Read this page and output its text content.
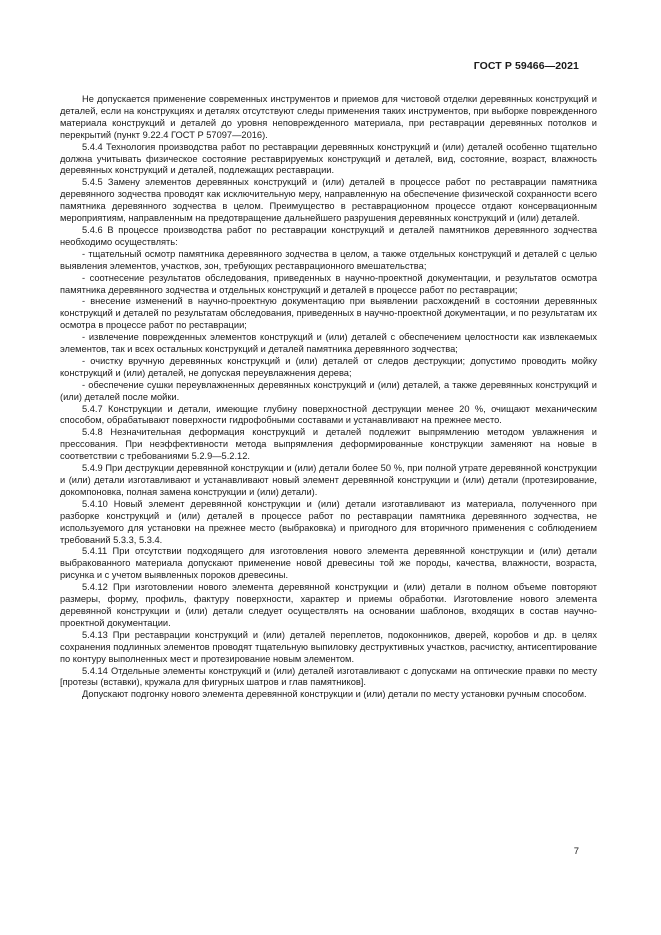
ГОСТ Р 59466—2021

Не допускается применение современных инструментов и приемов для чистовой отделки деревянных конструкций и деталей, если на конструкциях и деталях отсутствуют следы применения таких инструментов, при выборке поврежденного материала конструкций и деталей до уровня неповрежденного материала, при реставрации деревянных потолков и перекрытий (пункт 9.22.4 ГОСТ Р 57097—2016).

5.4.4 Технология производства работ по реставрации деревянных конструкций и (или) деталей особенно тщательно должна учитывать физическое состояние реставрируемых конструкций и деталей, вид, состояние, возраст, влажность деревянных конструкций и деталей, подлежащих реставрации.

5.4.5 Замену элементов деревянных конструкций и (или) деталей в процессе работ по реставрации памятника деревянного зодчества проводят как исключительную меру, направленную на обеспечение физической сохранности всего памятника деревянного зодчества в целом. Преимущество в реставрационном процессе отдают консервационным мероприятиям, направленным на предотвращение дальнейшего разрушения деревянных конструкций и (или) деталей.

5.4.6 В процессе производства работ по реставрации конструкций и деталей памятников деревянного зодчества необходимо осуществлять:

- тщательный осмотр памятника деревянного зодчества в целом, а также отдельных конструкций и деталей с целью выявления элементов, участков, зон, требующих реставрационного вмешательства;

- соотнесение результатов обследования, приведенных в научно-проектной документации, и результатов осмотра памятника деревянного зодчества и отдельных конструкций и деталей в процессе работ по реставрации;

- внесение изменений в научно-проектную документацию при выявлении расхождений в состоянии деревянных конструкций и деталей по результатам обследования, приведенных в научно-проектной документации, и по результатам их осмотра в процессе работ по реставрации;

- извлечение поврежденных элементов конструкций и (или) деталей с обеспечением целостности как извлекаемых элементов, так и всех остальных конструкций и деталей памятника деревянного зодчества;

- очистку вручную деревянных конструкций и (или) деталей от следов деструкции; допустимо проводить мойку конструкций и (или) деталей, не допуская переувлажнения дерева;

- обеспечение сушки переувлажненных деревянных конструкций и (или) деталей, а также деревянных конструкций и (или) деталей после мойки.

5.4.7 Конструкции и детали, имеющие глубину поверхностной деструкции менее 20 %, очищают механическим способом, обрабатывают поверхности гидрофобными составами и устанавливают на прежнее место.

5.4.8 Незначительная деформация конструкций и деталей подлежит выпрямлению методом увлажнения и прессования. При неэффективности метода выпрямления деформированные конструкции заменяют на новые в соответствии с требованиями 5.2.9—5.2.12.

5.4.9 При деструкции деревянной конструкции и (или) детали более 50 %, при полной утрате деревянной конструкции и (или) детали изготавливают и устанавливают новый элемент деревянной конструкции и (или) детали (протезирование, докомпоновка, полная замена конструкции и (или) детали).

5.4.10 Новый элемент деревянной конструкции и (или) детали изготавливают из материала, полученного при разборке конструкций и (или) деталей в процессе работ по реставрации памятника деревянного зодчества, не используемого для установки на прежнее место (выбраковка) и пригодного для вторичного применения с соблюдением требований 5.3.3, 5.3.4.

5.4.11 При отсутствии подходящего для изготовления нового элемента деревянной конструкции и (или) детали выбракованного материала допускают применение новой древесины той же породы, качества, влажности, возраста, рисунка и с учетом выявленных пороков древесины.

5.4.12 При изготовлении нового элемента деревянной конструкции и (или) детали в полном объеме повторяют размеры, форму, профиль, фактуру поверхности, характер и приемы обработки. Изготовление нового элемента деревянной конструкции и (или) детали следует осуществлять на основании шаблонов, входящих в состав научно-проектной документации.

5.4.13 При реставрации конструкций и (или) деталей переплетов, подоконников, дверей, коробов и др. в целях сохранения подлинных элементов проводят тщательную выпиловку деструктивных участков, расчистку, антисептирование по контуру выполненных мест и протезирование новым элементом.

5.4.14 Отдельные элементы конструкций и (или) деталей изготавливают с допусками на оптические правки по месту [протезы (вставки), кружала для фигурных шатров и глав памятников].

Допускают подгонку нового элемента деревянной конструкции и (или) детали по месту установки ручным способом.

7
